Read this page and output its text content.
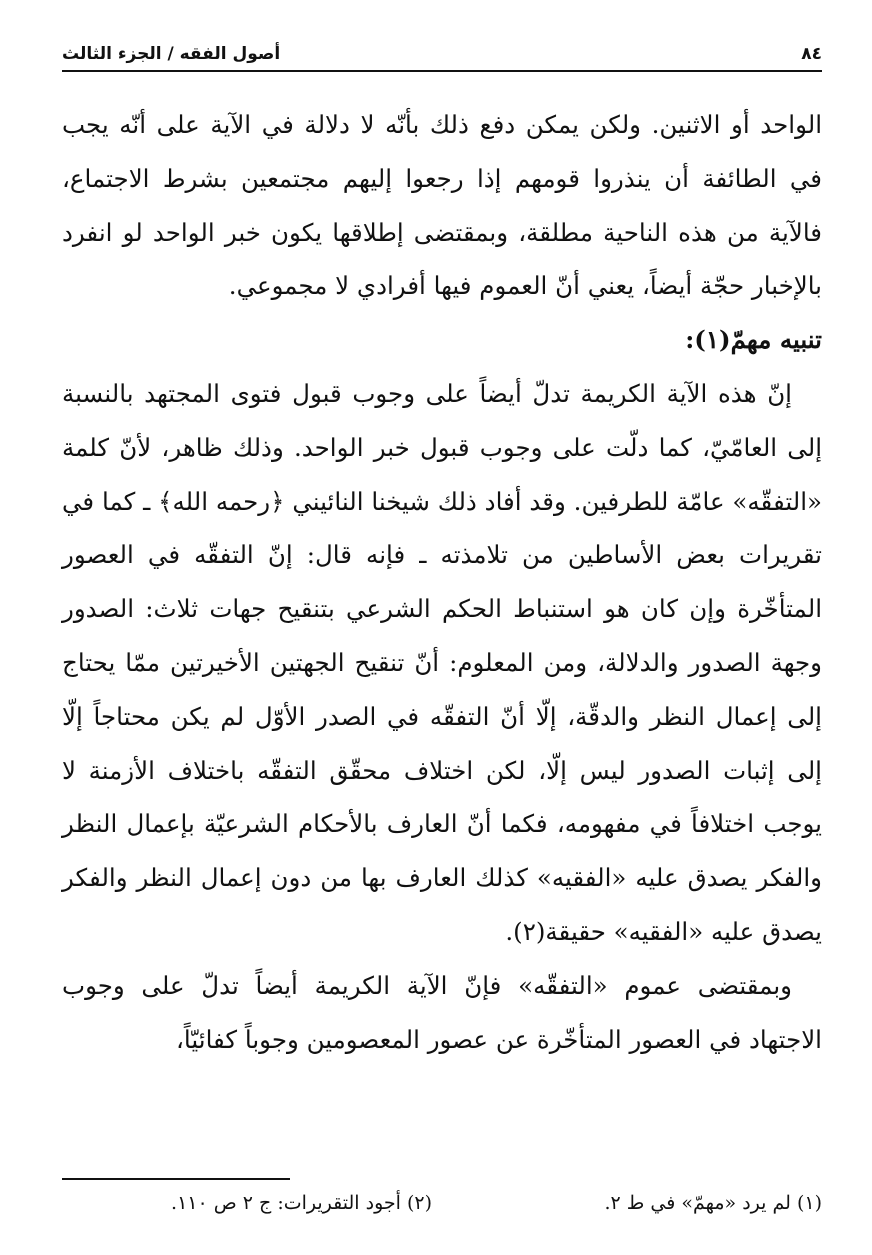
٨٤
أصول الفقه / الجزء الثالث

الواحد أو الاثنين. ولكن يمكن دفع ذلك بأنّه لا دلالة في الآية على أنّه يجب في الطائفة أن ينذروا قومهم إذا رجعوا إليهم مجتمعين بشرط الاجتماع، فالآية من هذه الناحية مطلقة، وبمقتضى إطلاقها يكون خبر الواحد لو انفرد بالإخبار حجّة أيضاً، يعني أنّ العموم فيها أفرادي لا مجموعي.

تنبيه مهمّ(١):

إنّ هذه الآية الكريمة تدلّ أيضاً على وجوب قبول فتوى المجتهد بالنسبة إلى العامّيّ، كما دلّت على وجوب قبول خبر الواحد. وذلك ظاهر، لأنّ كلمة «التفقّه» عامّة للطرفين. وقد أفاد ذلك شيخنا النائيني ﴿رحمه الله﴾ ـ كما في تقريرات بعض الأساطين من تلامذته ـ فإنه قال: إنّ التفقّه في العصور المتأخّرة وإن كان هو استنباط الحكم الشرعي بتنقيح جهات ثلاث: الصدور وجهة الصدور والدلالة، ومن المعلوم: أنّ تنقيح الجهتين الأخيرتين ممّا يحتاج إلى إعمال النظر والدقّة، إلّا أنّ التفقّه في الصدر الأوّل لم يكن محتاجاً إلّا إلى إثبات الصدور ليس إلّا، لكن اختلاف محقّق التفقّه باختلاف الأزمنة لا يوجب اختلافاً في مفهومه، فكما أنّ العارف بالأحكام الشرعيّة بإعمال النظر والفكر يصدق عليه «الفقيه» كذلك العارف بها من دون إعمال النظر والفكر يصدق عليه «الفقيه» حقيقة(٢).

وبمقتضى عموم «التفقّه» فإنّ الآية الكريمة أيضاً تدلّ على وجوب الاجتهاد في العصور المتأخّرة عن عصور المعصومين وجوباً كفائيّاً،

(١) لم يرد «مهمّ» في ط ٢.
(٢) أجود التقريرات: ج ٢ ص ١١٠.
